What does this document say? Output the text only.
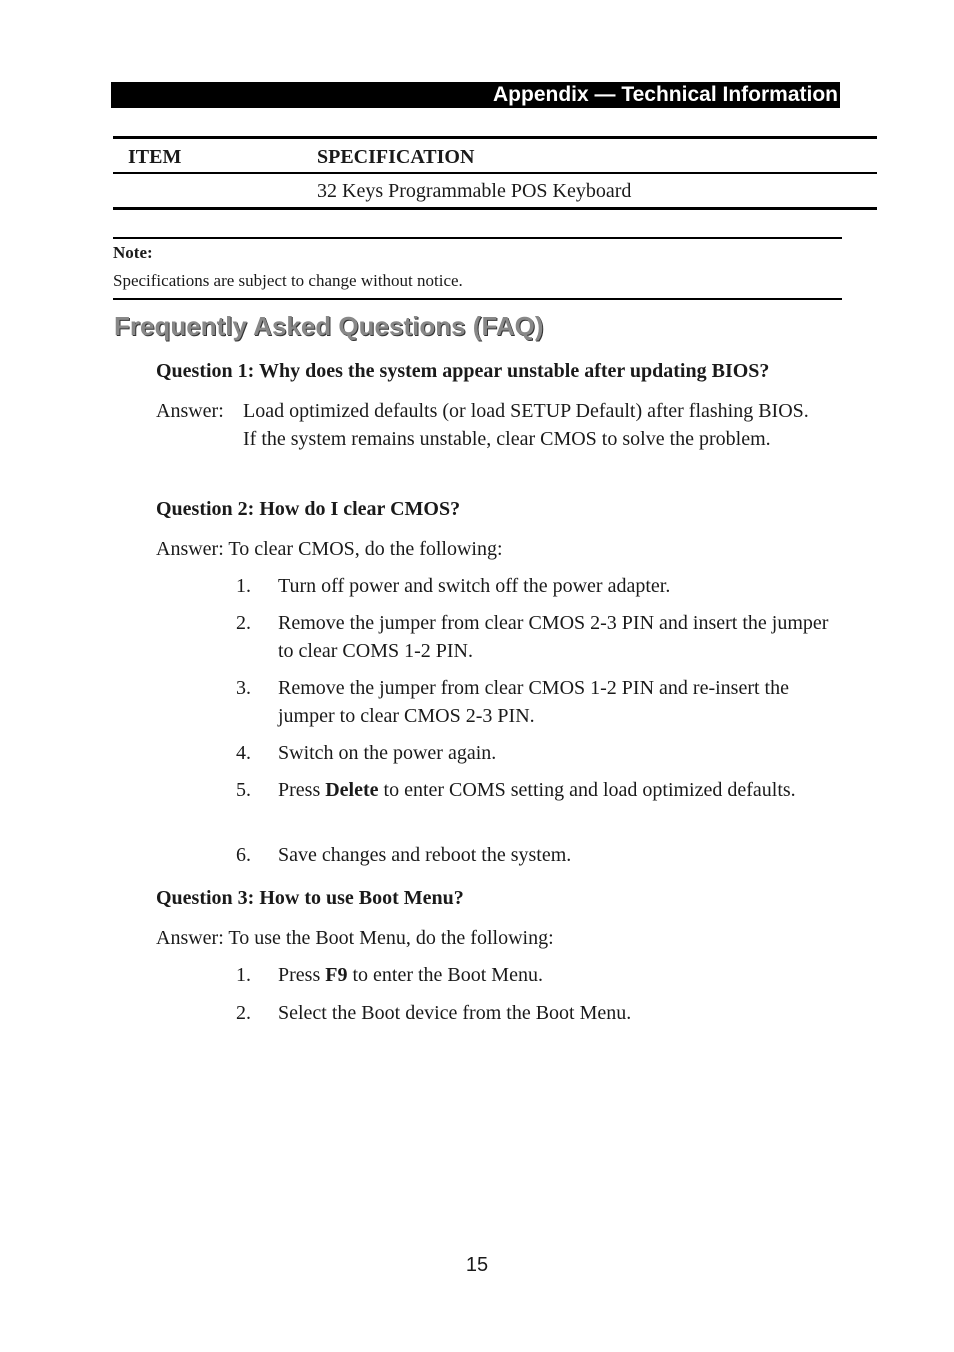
Appendix — Technical Information
ITEM	SPECIFICATION
32 Keys Programmable POS Keyboard
Note:
Specifications are subject to change without notice.
Frequently Asked Questions (FAQ)
Question 1: Why does the system appear unstable after updating BIOS?
Answer: Load optimized defaults (or load SETUP Default) after flashing BIOS. If the system remains unstable, clear CMOS to solve the problem.
Question 2: How do I clear CMOS?
Answer: To clear CMOS, do the following:
1. Turn off power and switch off the power adapter.
2. Remove the jumper from clear CMOS 2-3 PIN and insert the jumper to clear COMS 1-2 PIN.
3. Remove the jumper from clear CMOS 1-2 PIN and re-insert the jumper to clear CMOS 2-3 PIN.
4. Switch on the power again.
5. Press Delete to enter COMS setting and load optimized defaults.
6. Save changes and reboot the system.
Question 3: How to use Boot Menu?
Answer: To use the Boot Menu, do the following:
1. Press F9 to enter the Boot Menu.
2. Select the Boot device from the Boot Menu.
15
